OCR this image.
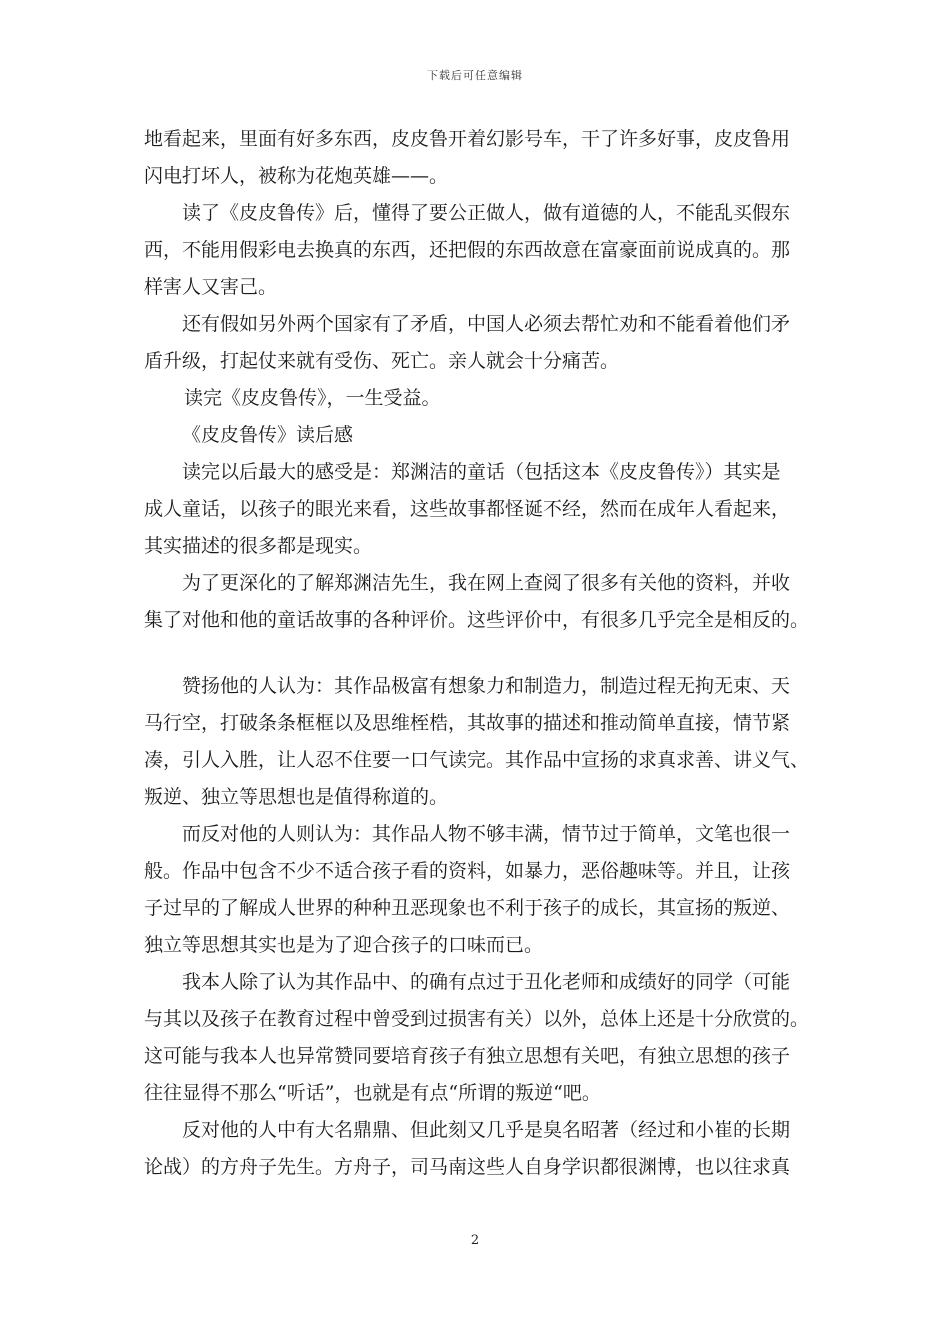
下载后可任意编辑

地看起来，里面有好多东西，皮皮鲁开着幻影号车，干了许多好事，皮皮鲁用

闪电打坏人，被称为花炮英雄——。

读了《皮皮鲁传》后，懂得了要公正做人，做有道德的人，不能乱买假东

西，不能用假彩电去换真的东西，还把假的东西故意在富豪面前说成真的。那

样害人又害己。

还有假如另外两个国家有了矛盾，中国人必须去帮忙劝和不能看着他们矛

盾升级，打起仗来就有受伤、死亡。亲人就会十分痛苦。

读完《皮皮鲁传》，一生受益。

《皮皮鲁传》读后感

读完以后最大的感受是：郑渊洁的童话（包括这本《皮皮鲁传》）其实是

成人童话，以孩子的眼光来看，这些故事都怪诞不经，然而在成年人看起来，

其实描述的很多都是现实。

为了更深化的了解郑渊洁先生，我在网上查阅了很多有关他的资料，并收

集了对他和他的童话故事的各种评价。这些评价中，有很多几乎完全是相反的。

赞扬他的人认为：其作品极富有想象力和制造力，制造过程无拘无束、天

马行空，打破条条框框以及思维桎梏，其故事的描述和推动简单直接，情节紧

凑，引人入胜，让人忍不住要一口气读完。其作品中宣扬的求真求善、讲义气、

叛逆、独立等思想也是值得称道的。

而反对他的人则认为：其作品人物不够丰满，情节过于简单，文笔也很一

般。作品中包含不少不适合孩子看的资料，如暴力，恶俗趣味等。并且，让孩

子过早的了解成人世界的种种丑恶现象也不利于孩子的成长，其宣扬的叛逆、

独立等思想其实也是为了迎合孩子的口味而已。

我本人除了认为其作品中、的确有点过于丑化老师和成绩好的同学（可能

与其以及孩子在教育过程中曾受到过损害有关）以外，总体上还是十分欣赏的。

这可能与我本人也异常赞同要培育孩子有独立思想有关吧，有独立思想的孩子

往往显得不那么“听话”，也就是有点“所谓的叛逆“吧。

反对他的人中有大名鼎鼎、但此刻又几乎是臭名昭著（经过和小崔的长期

论战）的方舟子先生。方舟子，司马南这些人自身学识都很渊博，也以往求真

2
